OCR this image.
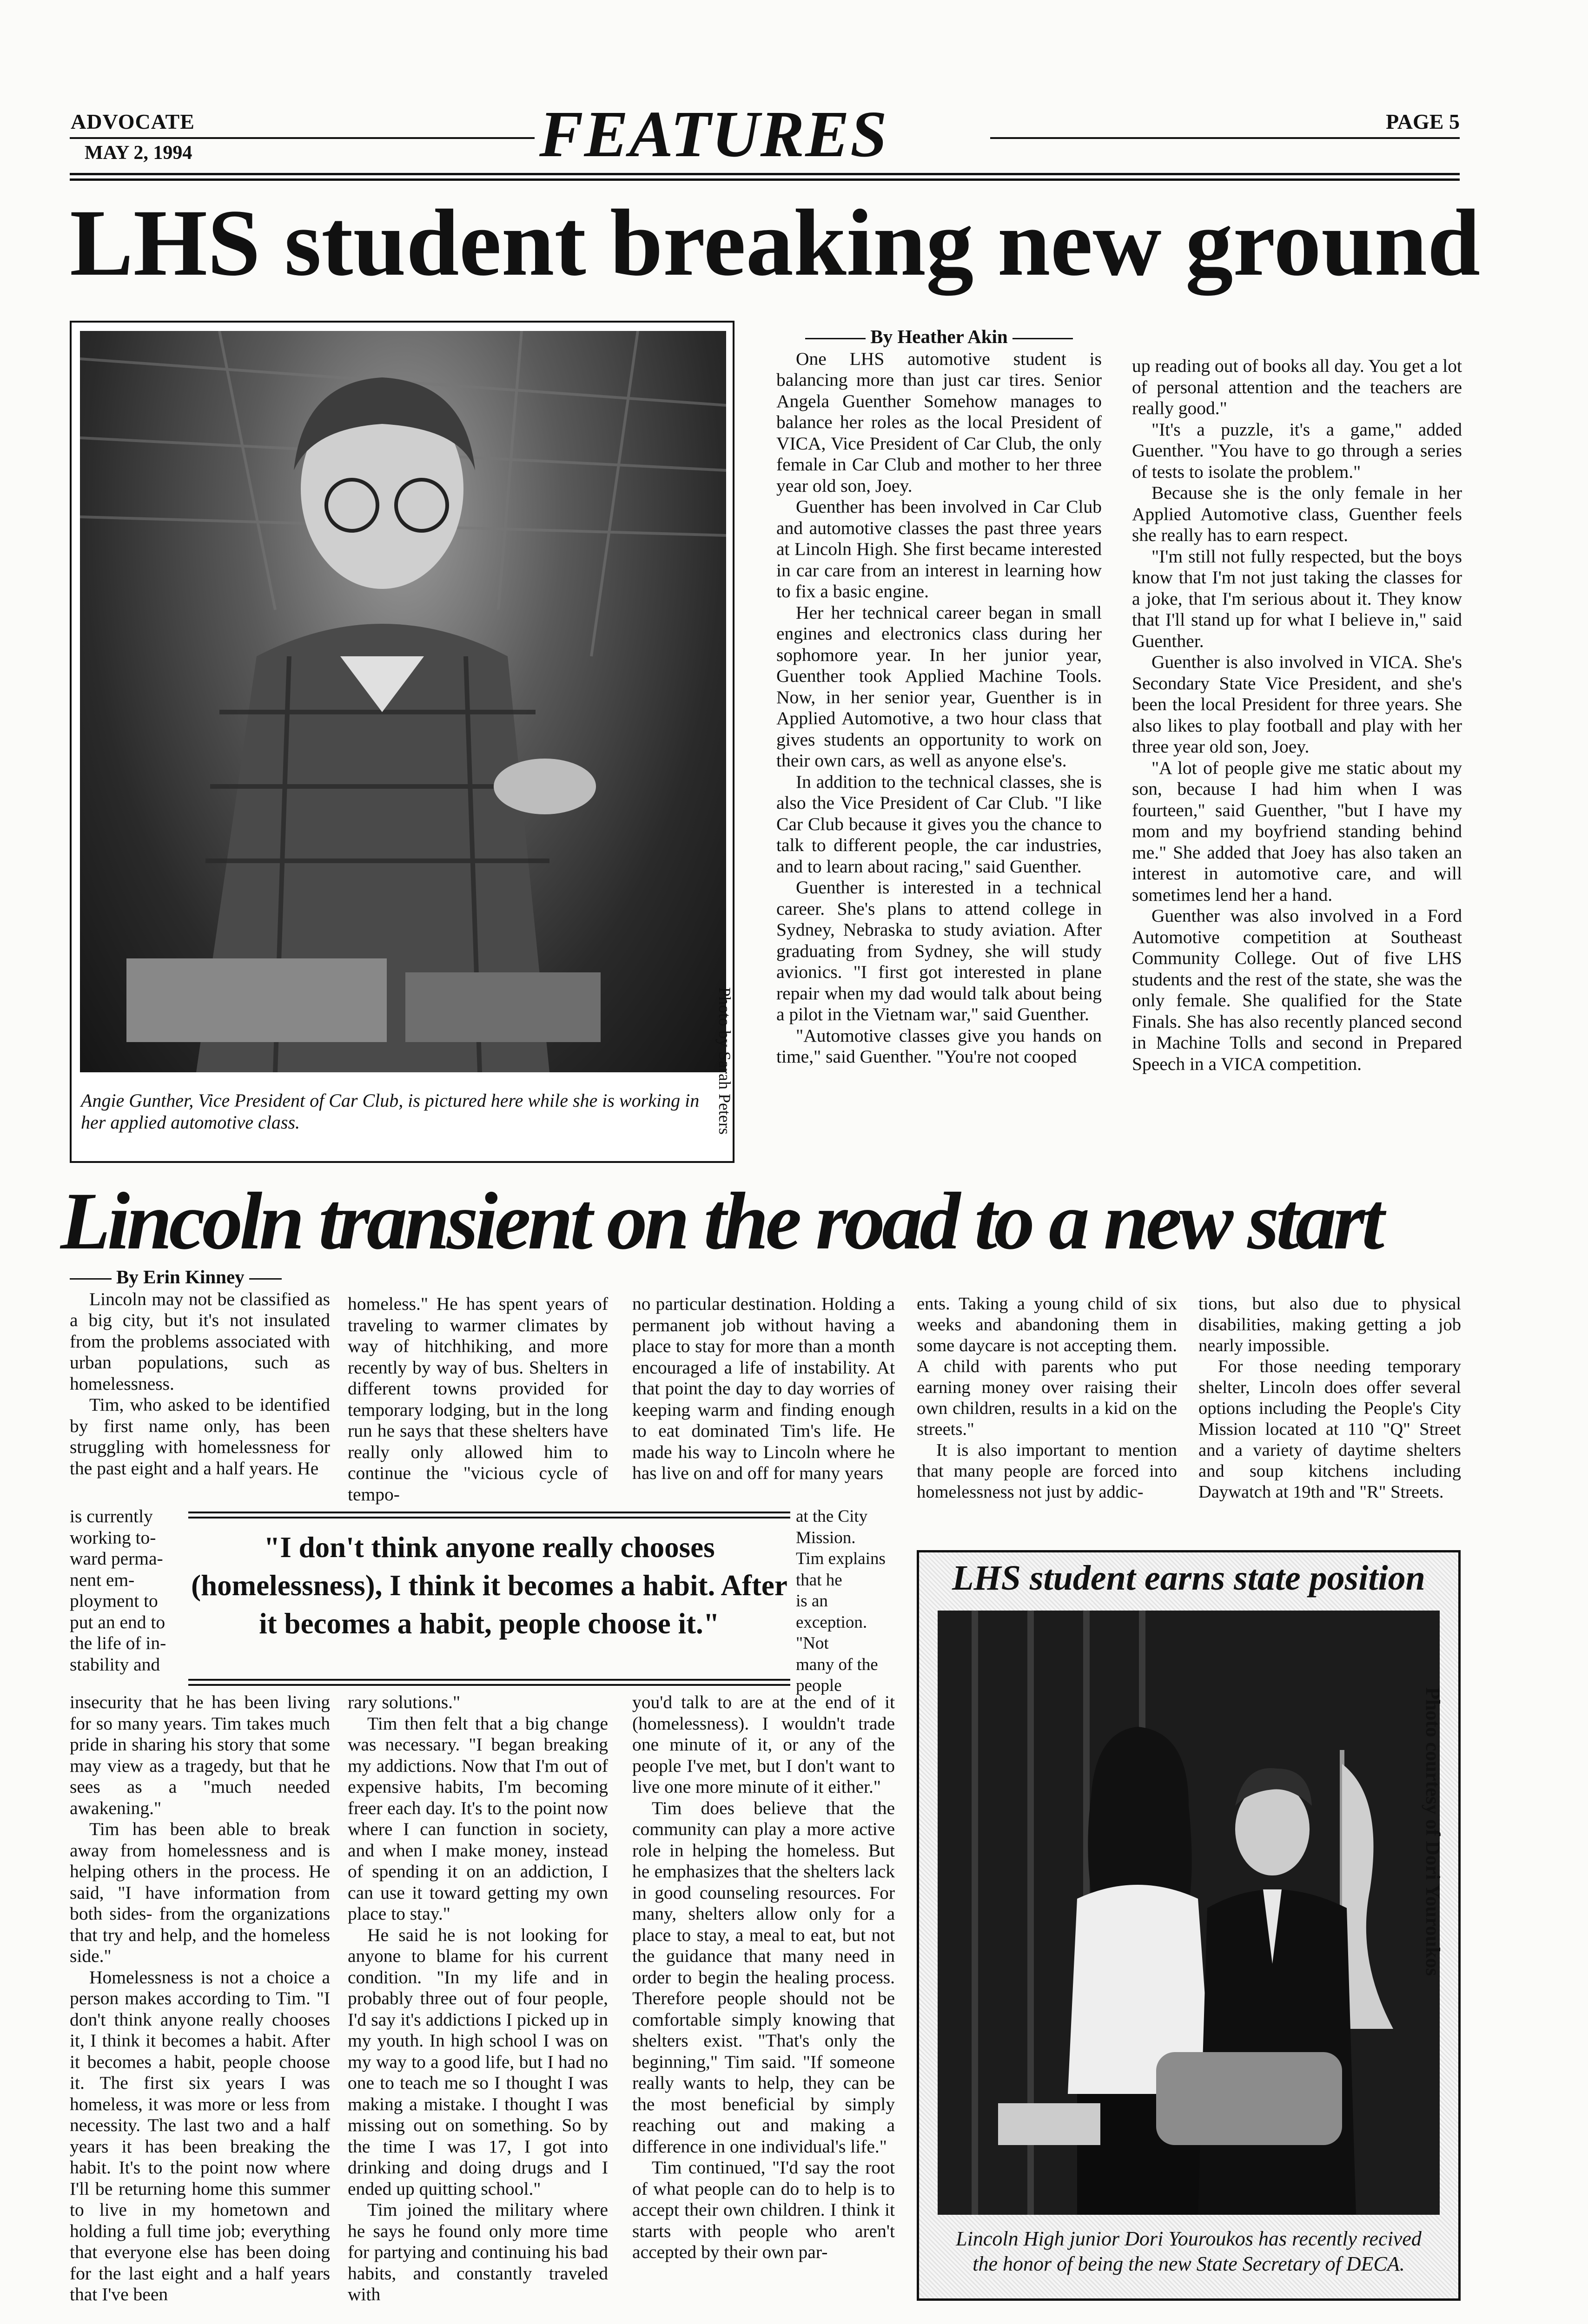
ADVOCATE
MAY 2, 1994	FEATURES	PAGE 5
LHS student breaking new ground
Photo by Sarah Peters
Angie Gunther, Vice President of Car Club, is pictured here while she is working in her applied automotive class.

By Heather Akin

One LHS automotive student is balancing more than just car tires. Senior Angela Guenther Somehow manages to balance her roles as the local President of VICA, Vice President of Car Club, the only female in Car Club and mother to her three year old son, Joey.

Guenther has been involved in Car Club and automotive classes the past three years at Lincoln High. She first became interested in car care from an interest in learning how to fix a basic engine.

Her her technical career began in small engines and electronics class during her sophomore year. In her junior year, Guenther took Applied Machine Tools. Now, in her senior year, Guenther is in Applied Automotive, a two hour class that gives students an opportunity to work on their own cars, as well as anyone else's.

In addition to the technical classes, she is also the Vice President of Car Club. "I like Car Club because it gives you the chance to talk to different people, the car industries, and to learn about racing," said Guenther.

Guenther is interested in a technical career. She's plans to attend college in Sydney, Nebraska to study aviation. After graduating from Sydney, she will study avionics. "I first got interested in plane repair when my dad would talk about being a pilot in the Vietnam war," said Guenther.

"Automotive classes give you hands on time," said Guenther. "You're not cooped

up reading out of books all day. You get a lot of personal attention and the teachers are really good."

"It's a puzzle, it's a game," added Guenther. "You have to go through a series of tests to isolate the problem."

Because she is the only female in her Applied Automotive class, Guenther feels she really has to earn respect.

"I'm still not fully respected, but the boys know that I'm not just taking the classes for a joke, that I'm serious about it. They know that I'll stand up for what I believe in," said Guenther.

Guenther is also involved in VICA. She's Secondary State Vice President, and she's been the local President for three years. She also likes to play football and play with her three year old son, Joey.

"A lot of people give me static about my son, because I had him when I was fourteen," said Guenther, "but I have my mom and my boyfriend standing behind me." She added that Joey has also taken an interest in automotive care, and will sometimes lend her a hand.

Guenther was also involved in a Ford Automotive competition at Southeast Community College. Out of five LHS students and the rest of the state, she was the only female. She qualified for the State Finals. She has also recently planced second in Machine Tolls and second in Prepared Speech in a VICA competition.

Lincoln transient on the road to a new start

By Erin Kinney

Lincoln may not be classified as a big city, but it's not insulated from the problems associated with urban populations, such as homelessness.

Tim, who asked to be identified by first name only, has been struggling with homelessness for the past eight and a half years. He

is currently
working to-
ward perma-
nent em-
ployment to
put an end to
the life of in-
stability and

insecurity that he has been living for so many years. Tim takes much pride in sharing his story that some may view as a tragedy, but that he sees as a "much needed awakening."

Tim has been able to break away from homelessness and is helping others in the process. He said, "I have information from both sides- from the organizations that try and help, and the homeless side."

Homelessness is not a choice a person makes according to Tim. "I don't think anyone really chooses it, I think it becomes a habit. After it becomes a habit, people choose it. The first six years I was homeless, it was more or less from necessity. The last two and a half years it has been breaking the habit. It's to the point now where I'll be returning home this summer to live in my hometown and holding a full time job; everything that everyone else has been doing for the last eight and a half years that I've been

homeless." He has spent years of traveling to warmer climates by way of hitchhiking, and more recently by way of bus. Shelters in different towns provided for temporary lodging, but in the long run he says that these shelters have really only allowed him to continue the "vicious cycle of tempo-

rary solutions."

Tim then felt that a big change was necessary. "I began breaking my addictions. Now that I'm out of expensive habits, I'm becoming freer each day. It's to the point now where I can function in society, and when I make money, instead of spending it on an addiction, I can use it toward getting my own place to stay."

He said he is not looking for anyone to blame for his current condition. "In my life and in probably three out of four people, I'd say it's addictions I picked up in my youth. In high school I was on my way to a good life, but I had no one to teach me so I thought I was making a mistake. I thought I was missing out on something. So by the time I was 17, I got into drinking and doing drugs and I ended up quitting school."

Tim joined the military where he says he found only more time for partying and continuing his bad habits, and constantly traveled with

no particular destination. Holding a permanent job without having a place to stay for more than a month encouraged a life of instability. At that point the day to day worries of keeping warm and finding enough to eat dominated Tim's life. He made his way to Lincoln where he has live on and off for many years

at the City
Mission.
Tim explains that he
is an exception. "Not
many of the
people

you'd talk to are at the end of it (homelessness). I wouldn't trade one minute of it, or any of the people I've met, but I don't want to live one more minute of it either."

Tim does believe that the community can play a more active role in helping the homeless. But he emphasizes that the shelters lack in good counseling resources. For many, shelters allow only for a place to stay, a meal to eat, but not the guidance that many need in order to begin the healing process. Therefore people should not be comfortable simply knowing that shelters exist. "That's only the beginning," Tim said. "If someone really wants to help, they can be the most beneficial by simply reaching out and making a difference in one individual's life."

Tim continued, "I'd say the root of what people can do to help is to accept their own children. I think it starts with people who aren't accepted by their own par-

"I don't think anyone really chooses (homelessness), I think it becomes a habit. After it becomes a habit, people choose it."

ents. Taking a young child of six weeks and abandoning them in some daycare is not accepting them. A child with parents who put earning money over raising their own children, results in a kid on the streets."

It is also important to mention that many people are forced into homelessness not just by addic-

tions, but also due to physical disabilities, making getting a job nearly impossible.

For those needing temporary shelter, Lincoln does offer several options including the People's City Mission located at 110 "Q" Street and a variety of daytime shelters and soup kitchens including Daywatch at 19th and "R" Streets.

LHS student earns state position
Photo courtesy of Dori Youroukos
Lincoln High junior Dori Youroukos has recently recived the honor of being the new State Secretary of DECA.
